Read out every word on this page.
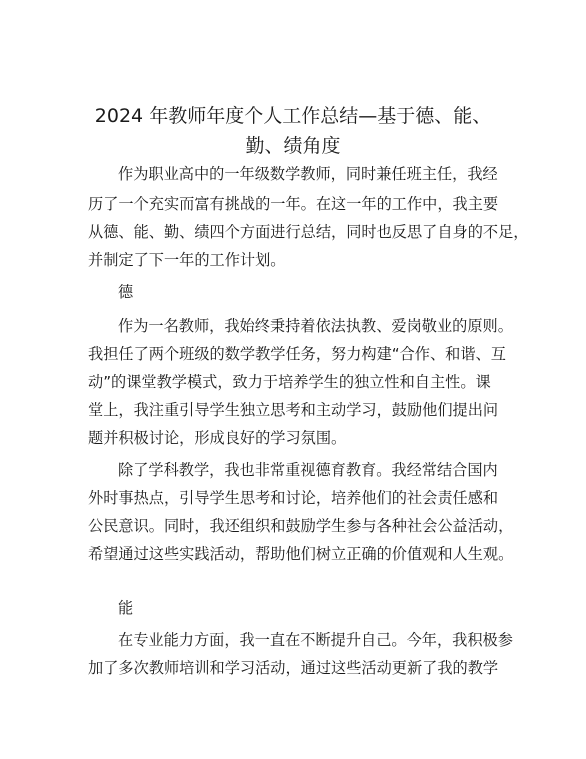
2024 年教师年度个人工作总结—基于德、能、
勤、绩角度

作为职业高中的一年级数学教师，同时兼任班主任，我经

历了一个充实而富有挑战的一年。在这一年的工作中，我主要

从德、能、勤、绩四个方面进行总结，同时也反思了自身的不足，

并制定了下一年的工作计划。

德

作为一名教师，我始终秉持着依法执教、爱岗敬业的原则。

我担任了两个班级的数学教学任务，努力构建“合作、和谐、互

动”的课堂教学模式，致力于培养学生的独立性和自主性。课

堂上，我注重引导学生独立思考和主动学习，鼓励他们提出问

题并积极讨论，形成良好的学习氛围。

除了学科教学，我也非常重视德育教育。我经常结合国内

外时事热点，引导学生思考和讨论，培养他们的社会责任感和

公民意识。同时，我还组织和鼓励学生参与各种社会公益活动，

希望通过这些实践活动，帮助他们树立正确的价值观和人生观。

能

在专业能力方面，我一直在不断提升自己。今年，我积极参

加了多次教师培训和学习活动，通过这些活动更新了我的教学
